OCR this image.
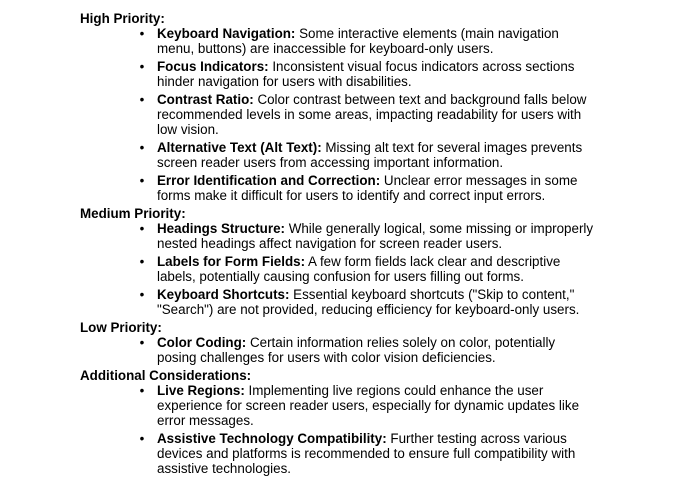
High Priority:
• Keyboard Navigation: Some interactive elements (main navigation menu, buttons) are inaccessible for keyboard-only users.
• Focus Indicators: Inconsistent visual focus indicators across sections hinder navigation for users with disabilities.
• Contrast Ratio: Color contrast between text and background falls below recommended levels in some areas, impacting readability for users with low vision.
• Alternative Text (Alt Text): Missing alt text for several images prevents screen reader users from accessing important information.
• Error Identification and Correction: Unclear error messages in some forms make it difficult for users to identify and correct input errors.
Medium Priority:
• Headings Structure: While generally logical, some missing or improperly nested headings affect navigation for screen reader users.
• Labels for Form Fields: A few form fields lack clear and descriptive labels, potentially causing confusion for users filling out forms.
• Keyboard Shortcuts: Essential keyboard shortcuts ("Skip to content," "Search") are not provided, reducing efficiency for keyboard-only users.
Low Priority:
• Color Coding: Certain information relies solely on color, potentially posing challenges for users with color vision deficiencies.
Additional Considerations:
• Live Regions: Implementing live regions could enhance the user experience for screen reader users, especially for dynamic updates like error messages.
• Assistive Technology Compatibility: Further testing across various devices and platforms is recommended to ensure full compatibility with assistive technologies.
